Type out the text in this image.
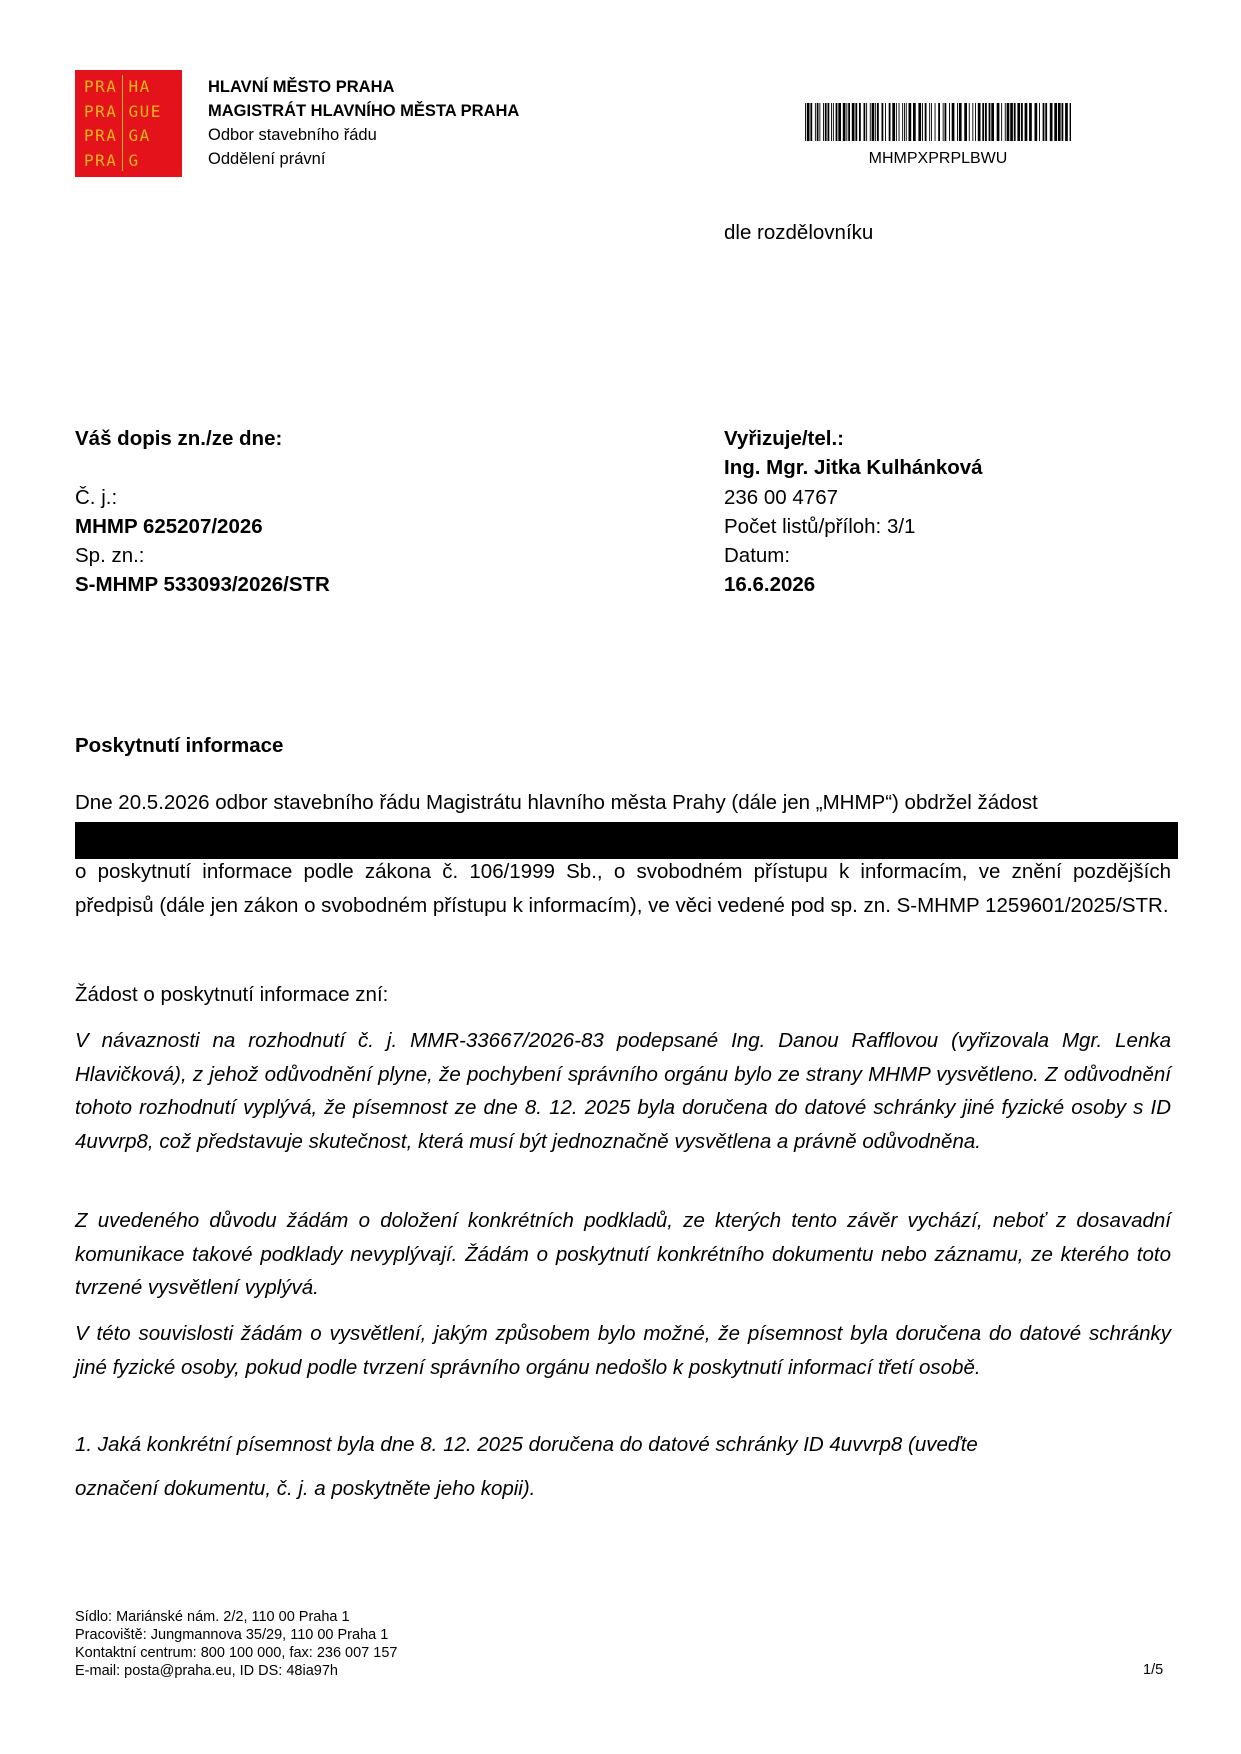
PRA HA
PRA GUE
PRA GA
PRA G
HLAVNÍ MĚSTO PRAHA
MAGISTRÁT HLAVNÍHO MĚSTA PRAHA
Odbor stavebního řádu
Oddělení právní	MHMPXPRPLBWU
dle rozdělovníku
Váš dopis zn./ze dne:
Č. j.:
MHMP 625207/2026
Sp. zn.:
S-MHMP 533093/2026/STR
Vyřizuje/tel.:
Ing. Mgr. Jitka Kulhánková
236 00 4767
Počet listů/příloh: 3/1
Datum:
16.6.2026
Poskytnutí informace
Dne 20.5.2026 odbor stavebního řádu Magistrátu hlavního města Prahy (dále jen „MHMP“) obdržel žádost
o poskytnutí informace podle zákona č. 106/1999 Sb., o svobodném přístupu k informacím, ve znění pozdějších předpisů (dále jen zákon o svobodném přístupu k informacím), ve věci vedené pod sp. zn. S-MHMP 1259601/2025/STR.
Žádost o poskytnutí informace zní:
V návaznosti na rozhodnutí č. j. MMR-33667/2026-83 podepsané Ing. Danou Rafflovou (vyřizovala Mgr. Lenka Hlavičková), z jehož odůvodnění plyne, že pochybení správního orgánu bylo ze strany MHMP vysvětleno. Z odůvodnění tohoto rozhodnutí vyplývá, že písemnost ze dne 8. 12. 2025 byla doručena do datové schránky jiné fyzické osoby s ID 4uvvrp8, což představuje skutečnost, která musí být jednoznačně vysvětlena a právně odůvodněna.
Z uvedeného důvodu žádám o doložení konkrétních podkladů, ze kterých tento závěr vychází, neboť z dosavadní komunikace takové podklady nevyplývají. Žádám o poskytnutí konkrétního dokumentu nebo záznamu, ze kterého toto tvrzené vysvětlení vyplývá.
V této souvislosti žádám o vysvětlení, jakým způsobem bylo možné, že písemnost byla doručena do datové schránky jiné fyzické osoby, pokud podle tvrzení správního orgánu nedošlo k poskytnutí informací třetí osobě.
1. Jaká konkrétní písemnost byla dne 8. 12. 2025 doručena do datové schránky ID 4uvvrp8 (uveďte
označení dokumentu, č. j. a poskytněte jeho kopii).
Sídlo: Mariánské nám. 2/2, 110 00 Praha 1
Pracoviště: Jungmannova 35/29, 110 00 Praha 1
Kontaktní centrum: 800 100 000, fax: 236 007 157
E-mail: posta@praha.eu, ID DS: 48ia97h	1/5
